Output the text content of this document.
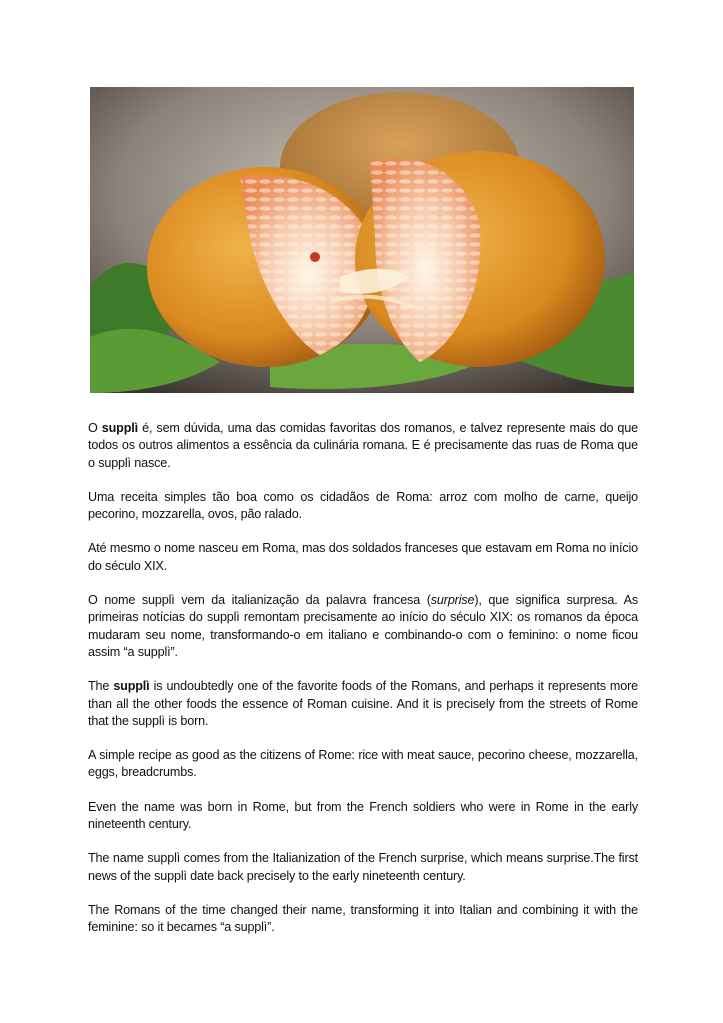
O supplì é, sem dúvida, uma das comidas favoritas dos romanos, e talvez represente mais do que todos os outros alimentos a essência da culinária romana. E é precisamente das ruas de Roma que o supplì nasce.

Uma receita simples tão boa como os cidadãos de Roma: arroz com molho de carne, queijo pecorino, mozzarella, ovos, pão ralado.

Até mesmo o nome nasceu em Roma, mas dos soldados franceses que estavam em Roma no início do século XIX.

O nome supplì vem da italianização da palavra francesa (surprise), que significa surpresa. As primeiras notícias do supplì remontam precisamente ao início do século XIX: os romanos da época mudaram seu nome, transformando-o em italiano e combinando-o com o feminino: o nome ficou assim “a supplì”.

The supplì is undoubtedly one of the favorite foods of the Romans, and perhaps it represents more than all the other foods the essence of Roman cuisine. And it is precisely from the streets of Rome that the supplì is born.

A simple recipe as good as the citizens of Rome: rice with meat sauce, pecorino cheese, mozzarella, eggs, breadcrumbs.

Even the name was born in Rome, but from the French soldiers who were in Rome in the early nineteenth century.

The name supplì comes from the Italianization of the French surprise, which means surprise.The first news of the supplì date back precisely to the early nineteenth century.

The Romans of the time changed their name, transforming it into Italian and combining it with the feminine: so it becames “a supplì”.
